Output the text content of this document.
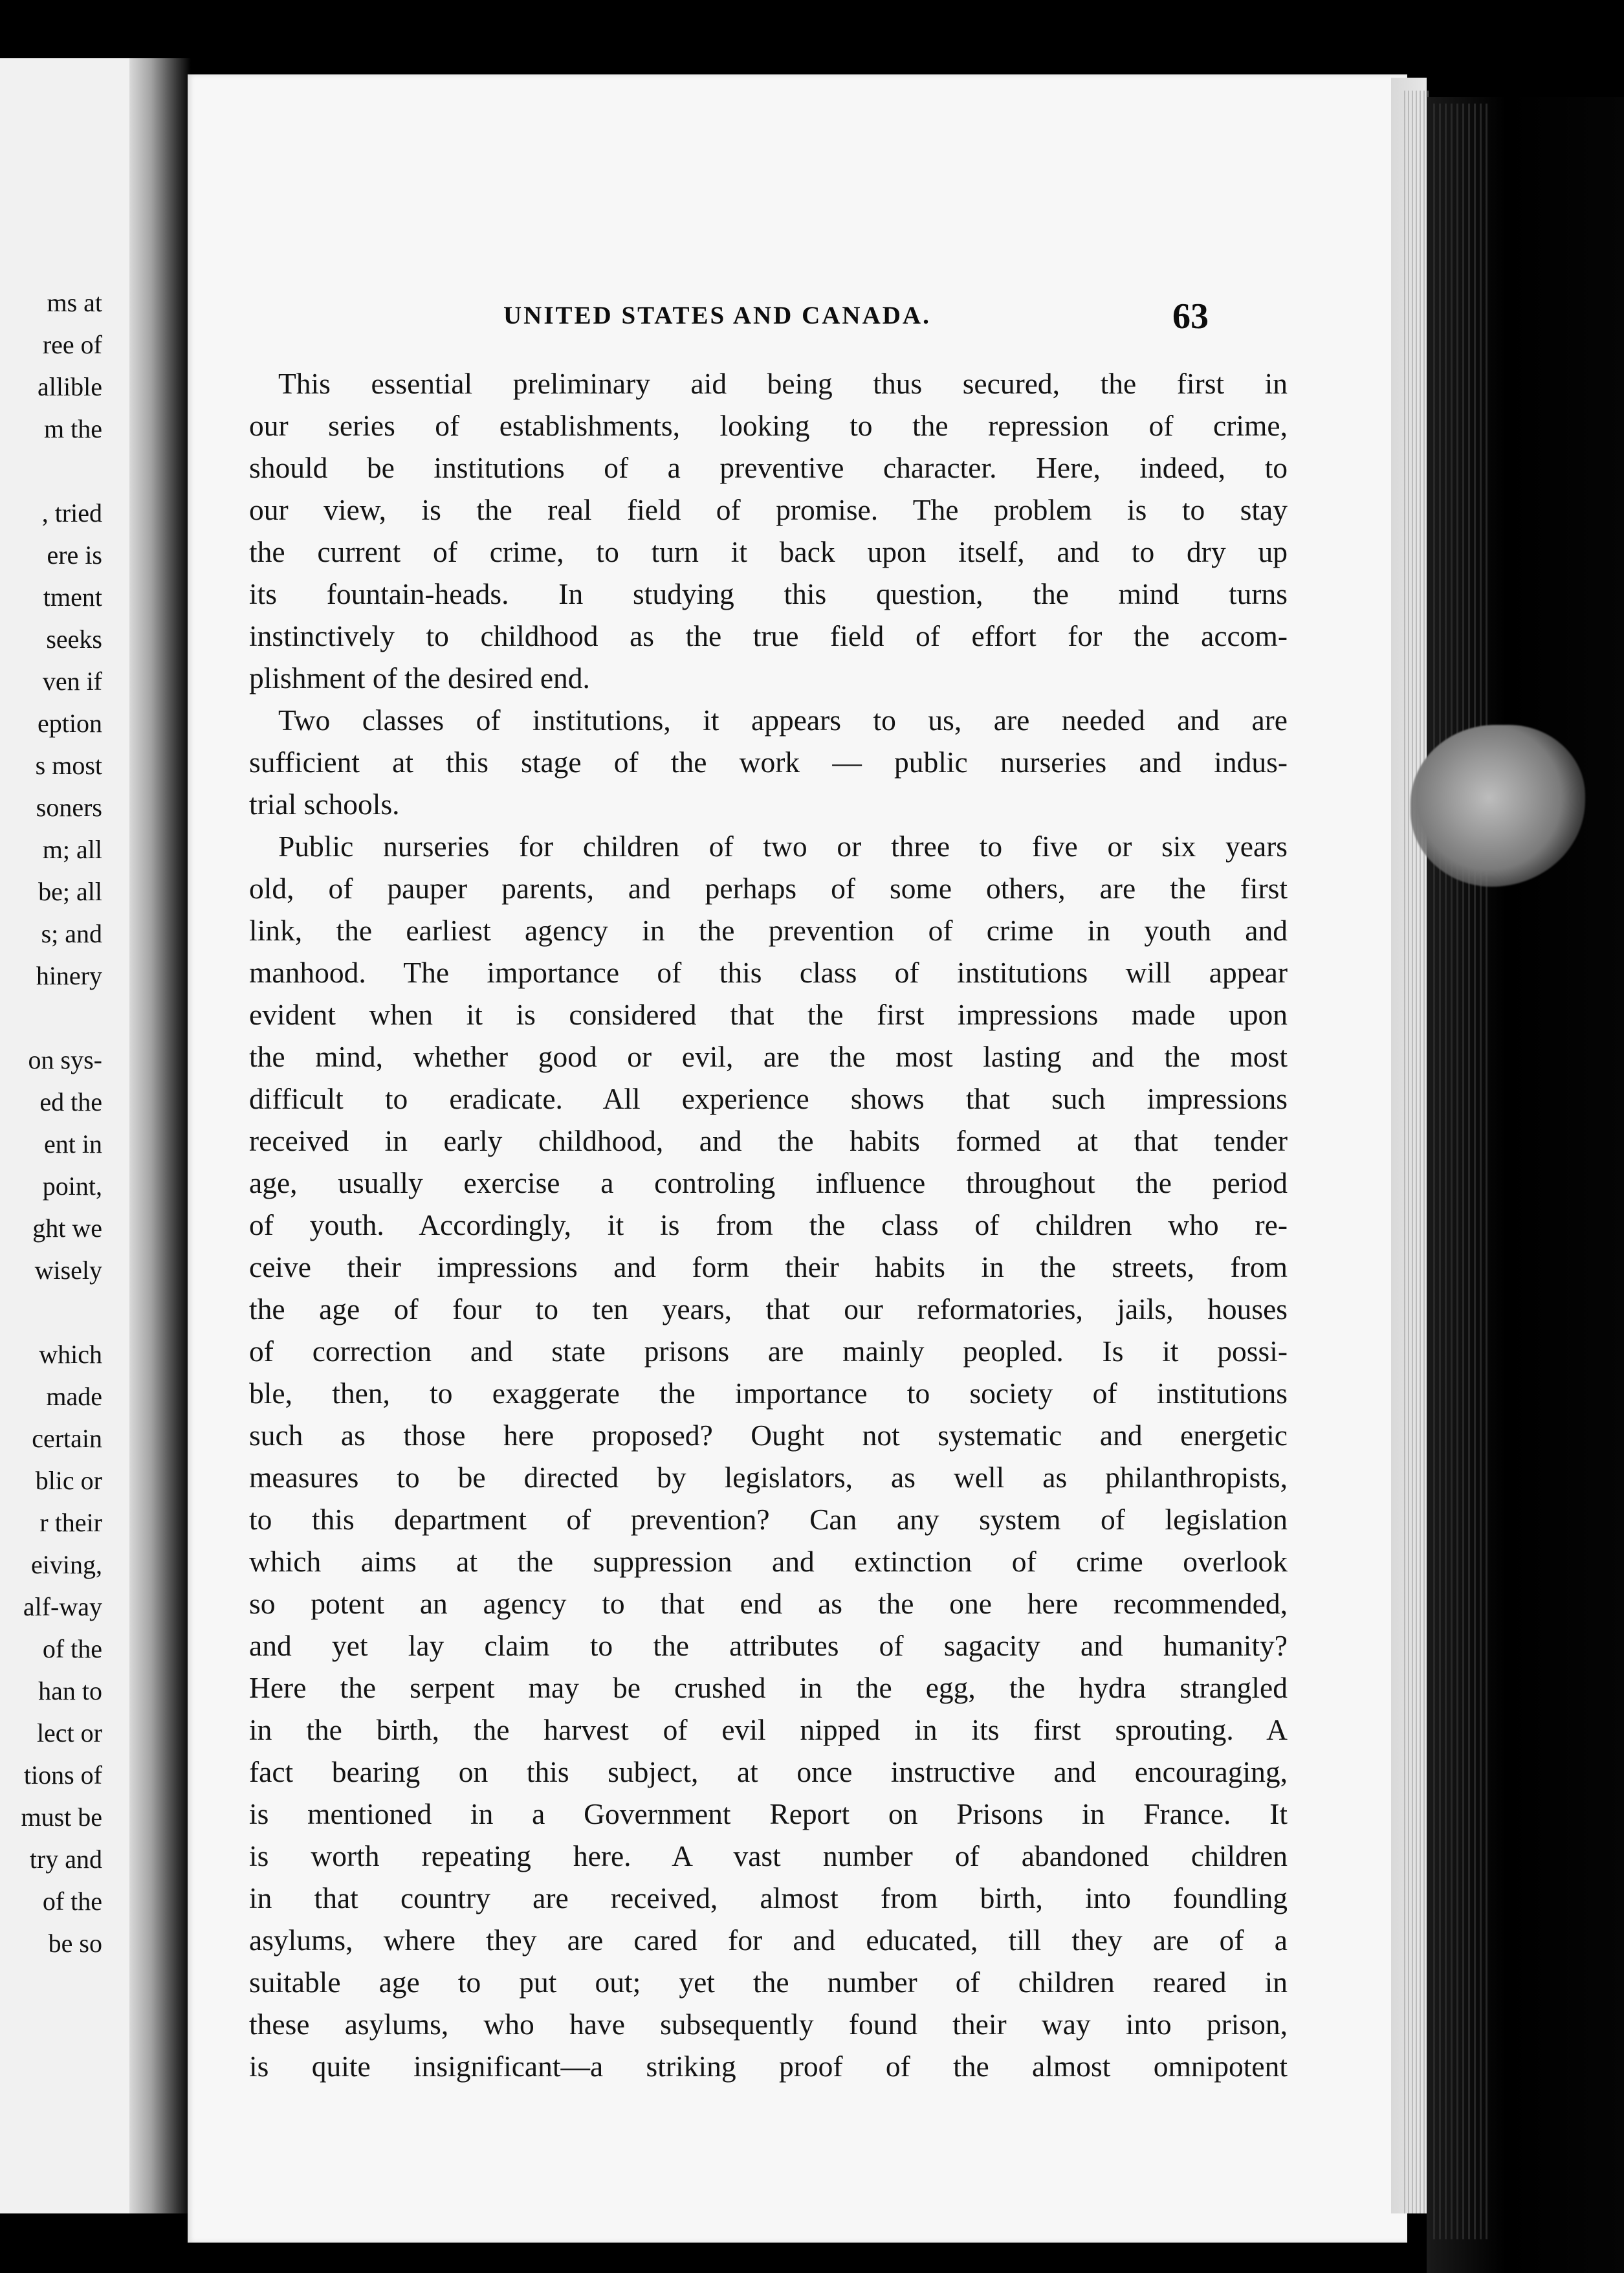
ms at
ree of
allible
m the
, tried
ere is
tment
seeks
ven if
eption
s most
soners
m; all
be; all
s; and
hinery
on sys-
ed the
ent in
point,
ght we
wisely
which
made
certain
blic or
r their
eiving,
alf-way
of the
han to
lect or
tions of
must be
try and
of the
be so
UNITED STATES AND CANADA.	63
This essential preliminary aid being thus secured, the first in
our series of establishments, looking to the repression of crime,
should be institutions of a preventive character. Here, indeed, to
our view, is the real field of promise. The problem is to stay
the current of crime, to turn it back upon itself, and to dry up
its fountain-heads. In studying this question, the mind turns
instinctively to childhood as the true field of effort for the accom-
plishment of the desired end.
Two classes of institutions, it appears to us, are needed and are
sufficient at this stage of the work — public nurseries and indus-
trial schools.
Public nurseries for children of two or three to five or six years
old, of pauper parents, and perhaps of some others, are the first
link, the earliest agency in the prevention of crime in youth and
manhood. The importance of this class of institutions will appear
evident when it is considered that the first impressions made upon
the mind, whether good or evil, are the most lasting and the most
difficult to eradicate. All experience shows that such impressions
received in early childhood, and the habits formed at that tender
age, usually exercise a controling influence throughout the period
of youth. Accordingly, it is from the class of children who re-
ceive their impressions and form their habits in the streets, from
the age of four to ten years, that our reformatories, jails, houses
of correction and state prisons are mainly peopled. Is it possi-
ble, then, to exaggerate the importance to society of institutions
such as those here proposed? Ought not systematic and energetic
measures to be directed by legislators, as well as philanthropists,
to this department of prevention? Can any system of legislation
which aims at the suppression and extinction of crime overlook
so potent an agency to that end as the one here recommended,
and yet lay claim to the attributes of sagacity and humanity?
Here the serpent may be crushed in the egg, the hydra strangled
in the birth, the harvest of evil nipped in its first sprouting. A
fact bearing on this subject, at once instructive and encouraging,
is mentioned in a Government Report on Prisons in France. It
is worth repeating here. A vast number of abandoned children
in that country are received, almost from birth, into foundling
asylums, where they are cared for and educated, till they are of a
suitable age to put out; yet the number of children reared in
these asylums, who have subsequently found their way into prison,
is quite insignificant—a striking proof of the almost omnipotent
